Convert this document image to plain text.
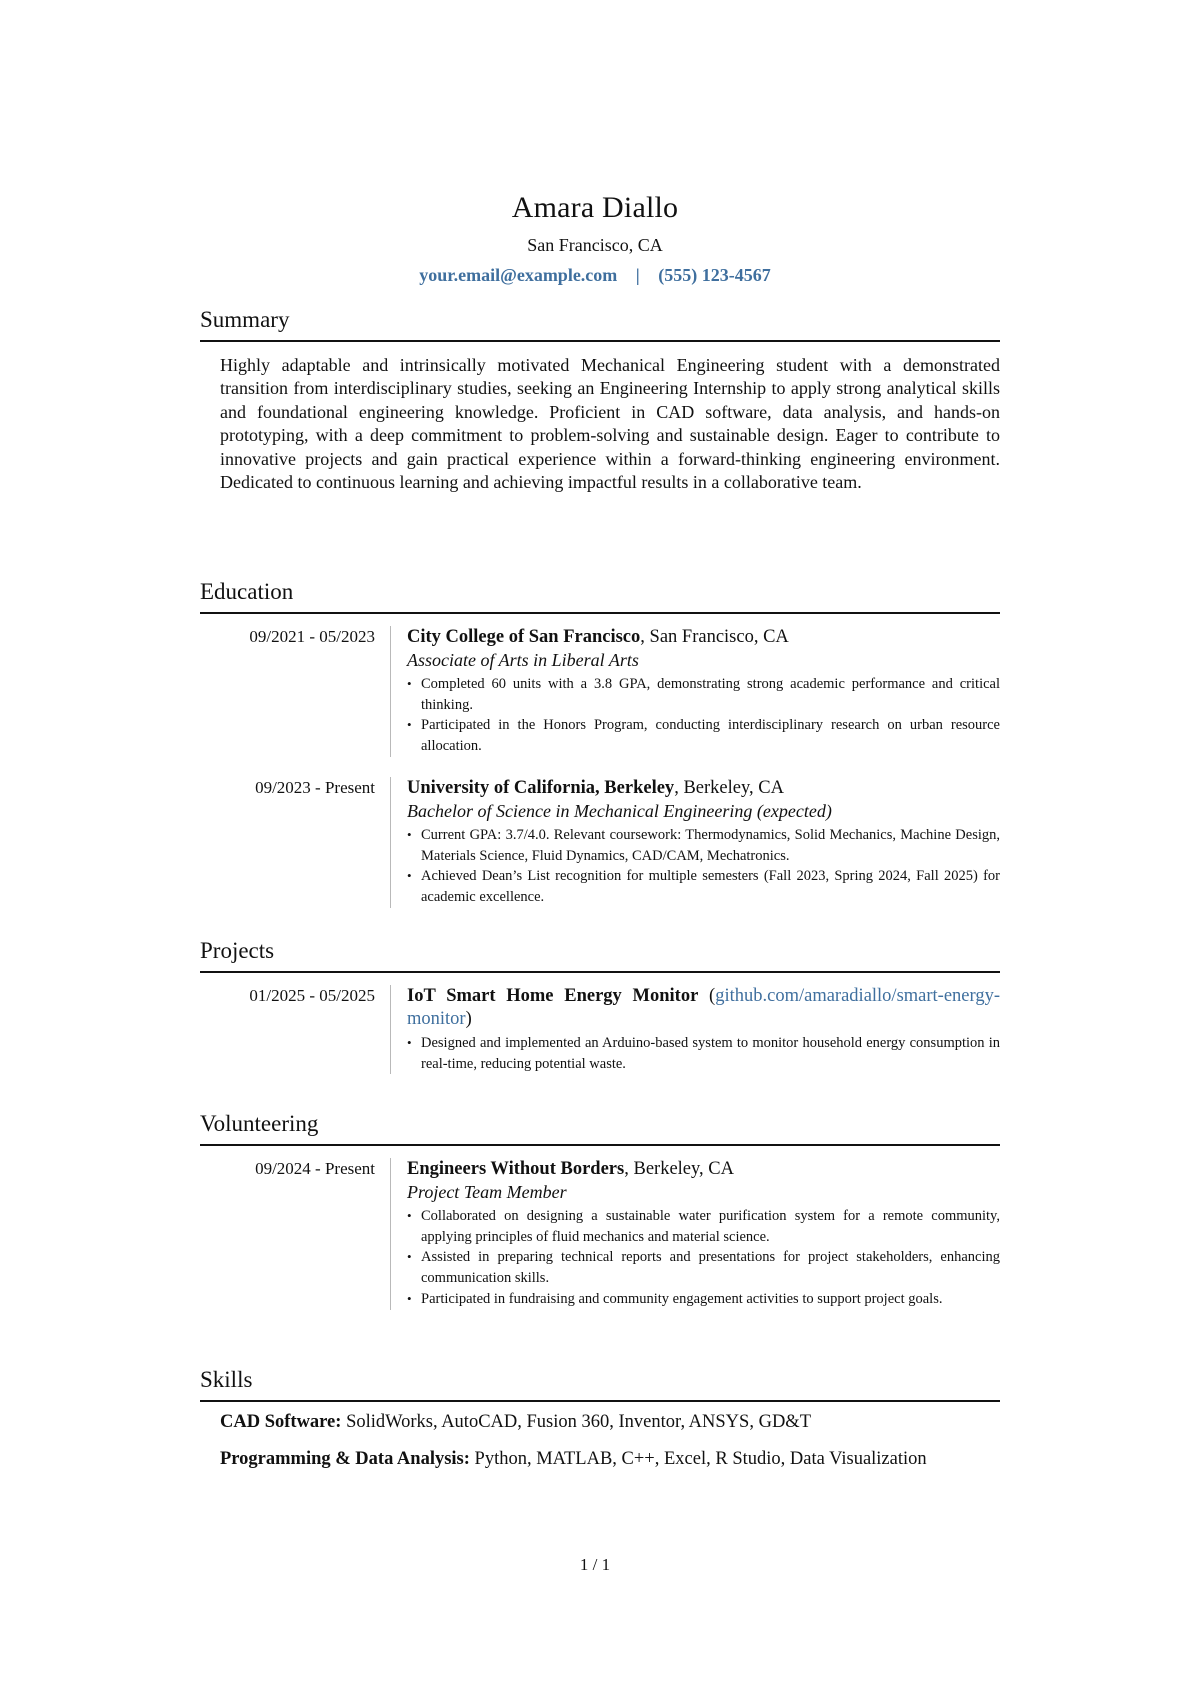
Amara Diallo
San Francisco, CA
your.email@example.com | (555) 123-4567
Summary

Highly adaptable and intrinsically motivated Mechanical Engineering student with a demonstrated transition from interdisciplinary studies, seeking an Engineering Internship to apply strong analytical skills and foundational engineering knowledge. Proficient in CAD software, data analysis, and hands-on prototyping, with a deep commitment to problem-solving and sustainable design. Eager to contribute to innovative projects and gain practical experience within a forward-thinking engineering environment. Dedicated to continuous learning and achieving impactful results in a collaborative team.

Education
09/2021 - 05/2023	City College of San Francisco, San Francisco, CA
Associate of Arts in Liberal Arts
• Completed 60 units with a 3.8 GPA, demonstrating strong academic performance and critical thinking.
• Participated in the Honors Program, conducting interdisciplinary research on urban resource allocation.
09/2023 - Present	University of California, Berkeley, Berkeley, CA
Bachelor of Science in Mechanical Engineering (expected)
• Current GPA: 3.7/4.0. Relevant coursework: Thermodynamics, Solid Mechanics, Machine Design, Materials Science, Fluid Dynamics, CAD/CAM, Mechatronics.
• Achieved Dean’s List recognition for multiple semesters (Fall 2023, Spring 2024, Fall 2025) for academic excellence.
Projects
01/2025 - 05/2025	IoT Smart Home Energy Monitor (github.com/amaradiallo/smart-energy-monitor)
• Designed and implemented an Arduino-based system to monitor household energy consumption in real-time, reducing potential waste.
Volunteering
09/2024 - Present	Engineers Without Borders, Berkeley, CA
Project Team Member
• Collaborated on designing a sustainable water purification system for a remote community, applying principles of fluid mechanics and material science.
• Assisted in preparing technical reports and presentations for project stakeholders, enhancing communication skills.
• Participated in fundraising and community engagement activities to support project goals.
Skills
CAD Software: SolidWorks, AutoCAD, Fusion 360, Inventor, ANSYS, GD&T
Programming & Data Analysis: Python, MATLAB, C++, Excel, R Studio, Data Visualization
1 / 1
